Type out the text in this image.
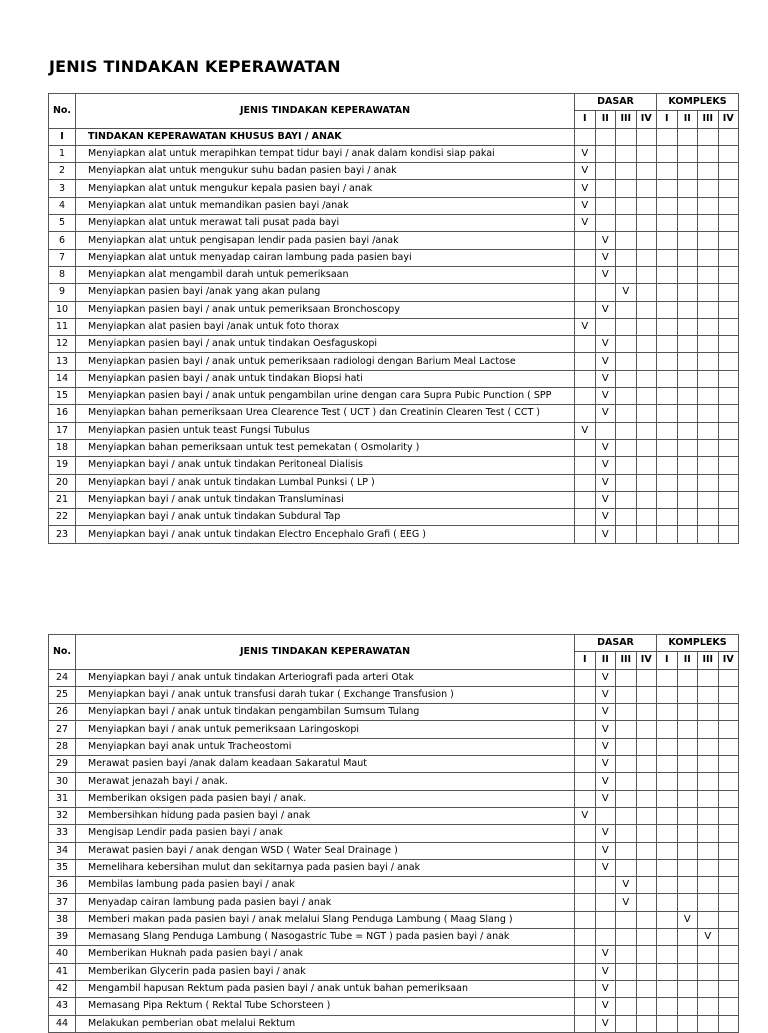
JENIS TINDAKAN KEPERAWATAN
No.	JENIS TINDAKAN KEPERAWATAN	DASAR				KOMPLEKS			
		I	II	III	IV	I	II	III	IV
I	TINDAKAN KEPERAWATAN KHUSUS BAYI / ANAK								
1	Menyiapkan alat untuk merapihkan tempat tidur bayi / anak dalam kondisi siap pakai	V							
2	Menyiapkan alat untuk mengukur suhu badan pasien bayi / anak	V							
3	Menyiapkan alat untuk mengukur kepala pasien bayi / anak	V							
4	Menyiapkan alat untuk memandikan pasien bayi /anak	V							
5	Menyiapkan alat untuk merawat tali pusat pada bayi	V							
6	Menyiapkan alat untuk pengisapan lendir pada pasien bayi /anak		V						
7	Menyiapkan alat untuk menyadap cairan lambung pada pasien bayi		V						
8	Menyiapkan alat mengambil darah untuk pemeriksaan		V						
9	Menyiapkan pasien bayi /anak yang akan pulang			V					
10	Menyiapkan pasien bayi / anak untuk pemeriksaan Bronchoscopy		V						
11	Menyiapkan alat pasien bayi /anak untuk foto thorax	V							
12	Menyiapkan pasien bayi / anak untuk tindakan Oesfaguskopi		V						
13	Menyiapkan pasien bayi / anak untuk pemeriksaan radiologi dengan Barium Meal Lactose		V						
14	Menyiapkan pasien bayi / anak untuk tindakan Biopsi hati		V						
15	Menyiapkan pasien bayi / anak untuk pengambilan urine dengan cara Supra Pubic Punction ( SPP		V						
16	Menyiapkan bahan pemeriksaan Urea Clearence Test ( UCT ) dan Creatinin Clearen Test ( CCT )		V						
17	Menyiapkan pasien untuk teast Fungsi Tubulus	V							
18	Menyiapkan bahan pemeriksaan untuk test pemekatan ( Osmolarity )		V						
19	Menyiapkan bayi / anak untuk tindakan Peritoneal Dialisis		V						
20	Menyiapkan bayi / anak untuk tindakan Lumbal Punksi ( LP )		V						
21	Menyiapkan bayi / anak untuk tindakan Transluminasi		V						
22	Menyiapkan bayi / anak untuk tindakan Subdural Tap		V						
23	Menyiapkan bayi / anak untuk tindakan Electro Encephalo Grafi ( EEG )		V						
No.	JENIS TINDAKAN KEPERAWATAN	DASAR				KOMPLEKS			
		I	II	III	IV	I	II	III	IV
24	Menyiapkan bayi / anak untuk tindakan Arteriografi pada arteri Otak		V						
25	Menyiapkan bayi / anak untuk transfusi darah tukar ( Exchange Transfusion )		V						
26	Menyiapkan bayi / anak untuk tindakan pengambilan Sumsum Tulang		V						
27	Menyiapkan bayi / anak untuk pemeriksaan Laringoskopi		V						
28	Menyiapkan bayi anak untuk Tracheostomi		V						
29	Merawat pasien bayi /anak dalam keadaan Sakaratul Maut		V						
30	Merawat jenazah bayi / anak.		V						
31	Memberikan oksigen pada pasien bayi / anak.		V						
32	Membersihkan hidung pada pasien bayi / anak	V							
33	Mengisap Lendir pada pasien bayi / anak		V						
34	Merawat pasien bayi / anak dengan WSD ( Water Seal Drainage )		V						
35	Memelihara kebersihan mulut dan sekitarnya pada pasien bayi / anak		V						
36	Membilas lambung pada pasien bayi / anak			V					
37	Menyadap cairan lambung pada pasien bayi / anak			V					
38	Memberi makan pada pasien bayi / anak melalui Slang Penduga Lambung ( Maag Slang )						V		
39	Memasang Slang Penduga Lambung ( Nasogastric Tube = NGT ) pada pasien bayi / anak							V	
40	Memberikan Huknah pada pasien bayi / anak		V						
41	Memberikan Glycerin pada pasien bayi / anak		V						
42	Mengambil hapusan Rektum pada pasien bayi / anak untuk bahan pemeriksaan		V						
43	Memasang Pipa Rektum ( Rektal Tube Schorsteen )		V						
44	Melakukan pemberian obat melalui Rektum		V						
